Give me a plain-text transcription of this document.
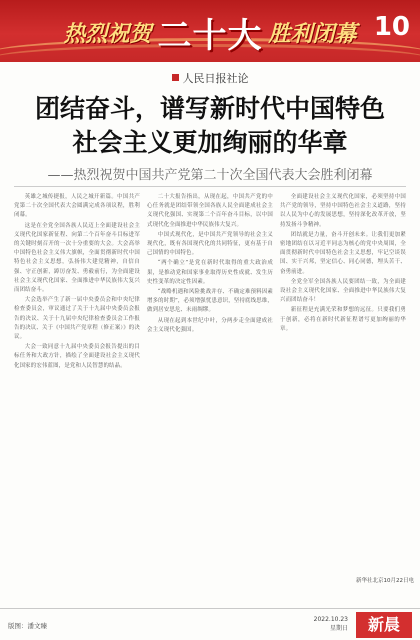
热烈祝贺 二十大 胜利闭幕 10
人民日报社论
团结奋斗，谱写新时代中国特色
社会主义更加绚丽的华章
——热烈祝贺中国共产党第二十次全国代表大会胜利闭幕

英雄之城传捷报，人民之城开新篇。中国共产党第二十次全国代表大会圆满完成各项议程，胜利闭幕。

这是在全党全国各族人民迈上全面建设社会主义现代化国家新征程、向第二个百年奋斗目标进军的关键时刻召开的一次十分重要的大会。大会高举中国特色社会主义伟大旗帜，全面贯彻新时代中国特色社会主义思想，弘扬伟大建党精神，自信自强、守正创新，踔厉奋发、勇毅前行，为全面建设社会主义现代化国家、全面推进中华民族伟大复兴而团结奋斗。

大会选举产生了新一届中央委员会和中央纪律检查委员会，审议通过了关于十九届中央委员会报告的决议、关于十九届中央纪律检查委员会工作报告的决议、关于《中国共产党章程（修正案）》的决议。

大会一致同意十九届中央委员会报告提出的目标任务和大政方针，描绘了全面建设社会主义现代化国家的宏伟蓝图，是党和人民智慧的结晶。

二十大报告指出，从现在起，中国共产党的中心任务就是团结带领全国各族人民全面建成社会主义现代化强国、实现第二个百年奋斗目标，以中国式现代化全面推进中华民族伟大复兴。

中国式现代化，是中国共产党领导的社会主义现代化，既有各国现代化的共同特征，更有基于自己国情的中国特色。

“两个确立”是党在新时代取得的重大政治成果，是推动党和国家事业取得历史性成就、发生历史性变革的决定性因素。

“战略机遇和风险挑战并存、不确定难预料因素增多的时期”，必须增强忧患意识，坚持底线思维，做到居安思危、未雨绸缪。

从现在起到本世纪中叶，分两步走全面建成社会主义现代化强国。

全面建设社会主义现代化国家，必须坚持中国共产党的领导，坚持中国特色社会主义道路，坚持以人民为中心的发展思想，坚持深化改革开放，坚持发扬斗争精神。

团结就是力量，奋斗开创未来。让我们更加紧密地团结在以习近平同志为核心的党中央周围，全面贯彻新时代中国特色社会主义思想，牢记空谈误国、实干兴邦，坚定信心、同心同德，埋头苦干、奋勇前进。

全党全军全国各族人民要团结一致，为全面建设社会主义现代化国家、全面推进中华民族伟大复兴而团结奋斗！

新征程是充满光荣和梦想的远征。只要我们勇于创新，必将在新时代新征程谱写更加绚丽的华章。

新华社北京10月22日电
版图：潘文臻
2022.10.23
星期日	新晨
